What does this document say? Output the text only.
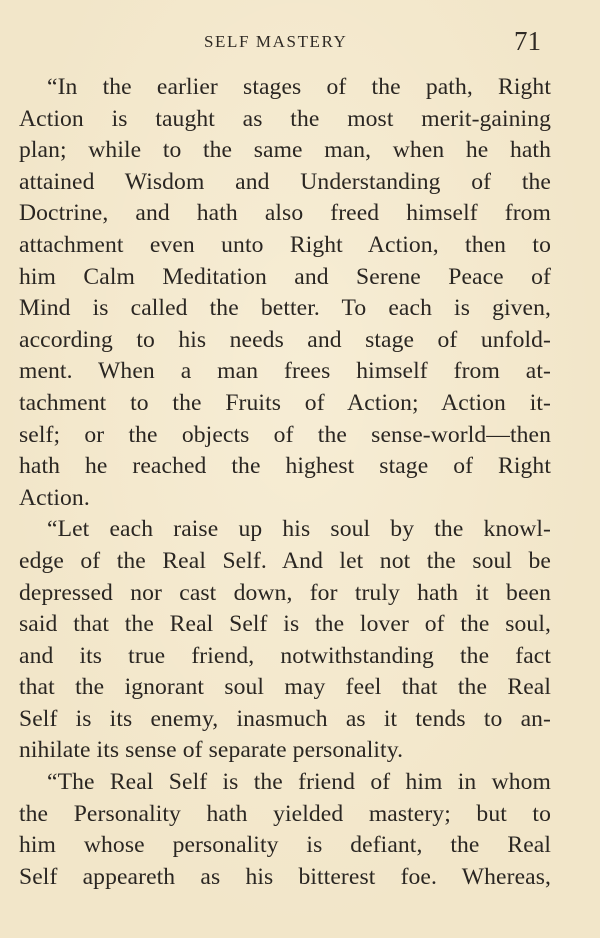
SELF MASTERY	71
“In the earlier stages of the path, Right
Action is taught as the most merit-gaining
plan; while to the same man, when he hath
attained Wisdom and Understanding of the
Doctrine, and hath also freed himself from
attachment even unto Right Action, then to
him Calm Meditation and Serene Peace of
Mind is called the better. To each is given,
according to his needs and stage of unfold-
ment. When a man frees himself from at-
tachment to the Fruits of Action; Action it-
self; or the objects of the sense-world—then
hath he reached the highest stage of Right
Action.
“Let each raise up his soul by the knowl-
edge of the Real Self. And let not the soul be
depressed nor cast down, for truly hath it been
said that the Real Self is the lover of the soul,
and its true friend, notwithstanding the fact
that the ignorant soul may feel that the Real
Self is its enemy, inasmuch as it tends to an-
nihilate its sense of separate personality.
“The Real Self is the friend of him in whom
the Personality hath yielded mastery; but to
him whose personality is defiant, the Real
Self appeareth as his bitterest foe. Whereas,
